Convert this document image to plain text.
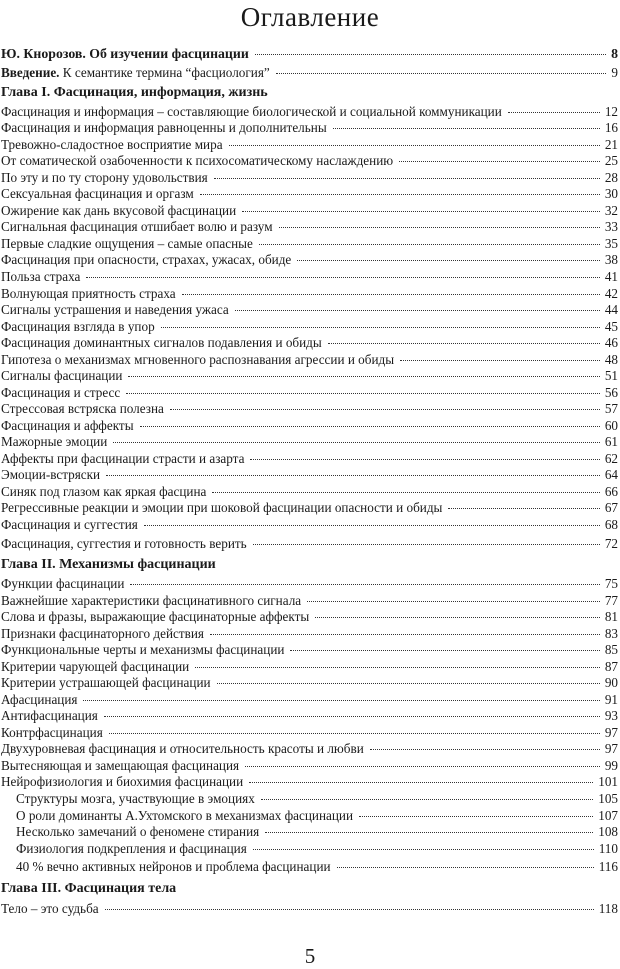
Оглавление
Ю. Кнорозов. Об изучении фасцинации	8
Введение. К семантике термина “фасциология”	9
Глава I. Фасцинация, информация, жизнь
Фасцинация и информация – составляющие биологической и социальной коммуникации	12
Фасцинация и информация равноценны и дополнительны	16
Тревожно-сладостное восприятие мира	21
От соматической озабоченности к психосоматическому наслаждению	25
По эту и по ту сторону удовольствия	28
Сексуальная фасцинация и оргазм	30
Ожирение как дань вкусовой фасцинации	32
Сигнальная фасцинация отшибает волю и разум	33
Первые сладкие ощущения – самые опасные	35
Фасцинация при опасности, страхах, ужасах, обиде	38
Польза страха	41
Волнующая приятность страха	42
Сигналы устрашения и наведения ужаса	44
Фасцинация взгляда в упор	45
Фасцинация доминантных сигналов подавления и обиды	46
Гипотеза о механизмах мгновенного распознавания агрессии и обиды	48
Сигналы фасцинации	51
Фасцинация и стресс	56
Стрессовая встряска полезна	57
Фасцинация и аффекты	60
Мажорные эмоции	61
Аффекты при фасцинации страсти и азарта	62
Эмоции-встряски	64
Синяк под глазом как яркая фасцина	66
Регрессивные реакции и эмоции при шоковой фасцинации опасности и обиды	67
Фасцинация и суггестия	68
Фасцинация, суггестия и готовность верить	72
Глава II. Механизмы фасцинации
Функции фасцинации	75
Важнейшие характеристики фасцинативного сигнала	77
Слова и фразы, выражающие фасцинаторные аффекты	81
Признаки фасцинаторного действия	83
Функциональные черты и механизмы фасцинации	85
Критерии чарующей фасцинации	87
Критерии устрашающей фасцинации	90
Афасцинация	91
Антифасцинация	93
Контрфасцинация	97
Двухуровневая фасцинация и относительность красоты и любви	97
Вытесняющая и замещающая фасцинация	99
Нейрофизиология и биохимия фасцинации	101
Структуры мозга, участвующие в эмоциях	105
О роли доминанты А.Ухтомского в механизмах фасцинации	107
Несколько замечаний о феномене стирания	108
Физиология подкрепления и фасцинация	110
40 % вечно активных нейронов и проблема фасцинации	116
Глава III. Фасцинация тела
Тело – это судьба	118
5
